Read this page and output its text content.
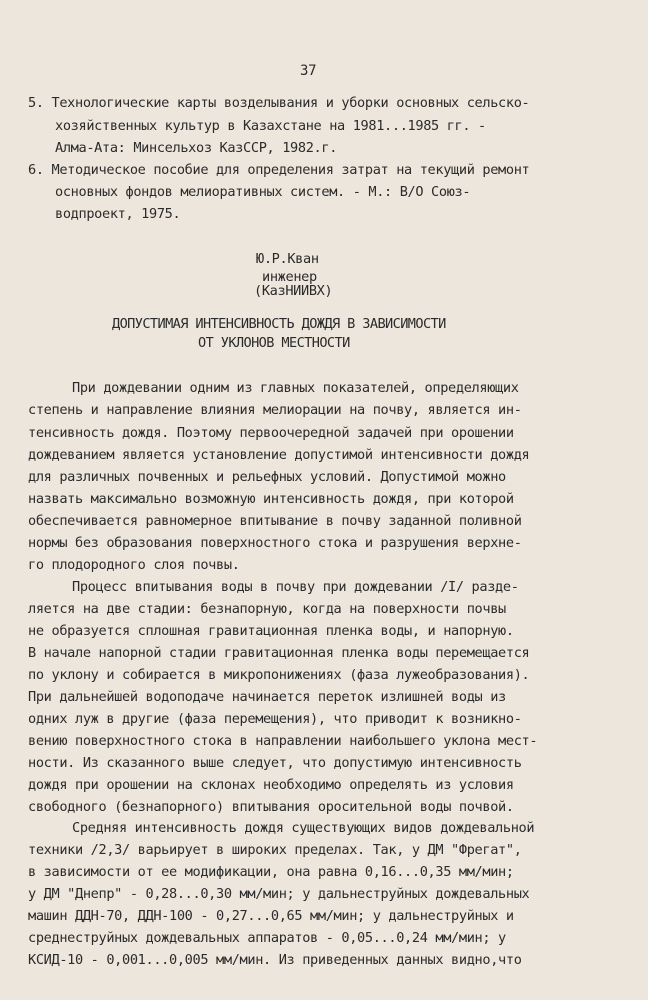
37
5. Технологические карты возделывания и уборки основных сельско-
хозяйственных культур в Казахстане на 1981...1985 гг. -
Алма-Ата: Минсельхоз КазССР, 1982.г.
6. Методическое пособие для определения затрат на текущий ремонт
основных фондов мелиоративных систем. - М.: В/О Союз-
водпроект, 1975.
Ю.Р.Кван
инженер
(КазНИИВХ)
ДОПУСТИМАЯ ИНТЕНСИВНОСТЬ ДОЖДЯ В ЗАВИСИМОСТИ
ОТ УКЛОНОВ МЕСТНОСТИ
При дождевании одним из главных показателей, определяющих
степень и направление влияния мелиорации на почву, является ин-
тенсивность дождя. Поэтому первоочередной задачей при орошении
дождеванием является установление допустимой интенсивности дождя
для различных почвенных и рельефных условий. Допустимой можно
назвать максимально возможную интенсивность дождя, при которой
обеспечивается равномерное впитывание в почву заданной поливной
нормы без образования поверхностного стока и разрушения верхне-
го плодородного слоя почвы.
Процесс впитывания воды в почву при дождевании /I/ разде-
ляется на две стадии: безнапорную, когда на поверхности почвы
не образуется сплошная гравитационная пленка воды, и напорную.
В начале напорной стадии гравитационная пленка воды перемещается
по уклону и собирается в микропонижениях (фаза лужеобразования).
При дальнейшей водоподаче начинается переток излишней воды из
одних луж в другие (фаза перемещения), что приводит к возникно-
вению поверхностного стока в направлении наибольшего уклона мест-
ности. Из сказанного выше следует, что допустимую интенсивность
дождя при орошении на склонах необходимо определять из условия
свободного (безнапорного) впитывания оросительной воды почвой.
Средняя интенсивность дождя существующих видов дождевальной
техники /2,3/ варьирует в широких пределах. Так, у ДМ "Фрегат",
в зависимости от ее модификации, она равна 0,16...0,35 мм/мин;
у ДМ "Днепр" - 0,28...0,30 мм/мин; у дальнеструйных дождевальных
машин ДДН-70, ДДН-100 - 0,27...0,65 мм/мин; у дальнеструйных и
среднеструйных дождевальных аппаратов - 0,05...0,24 мм/мин; у
КСИД-10 - 0,001...0,005 мм/мин. Из приведенных данных видно,что
